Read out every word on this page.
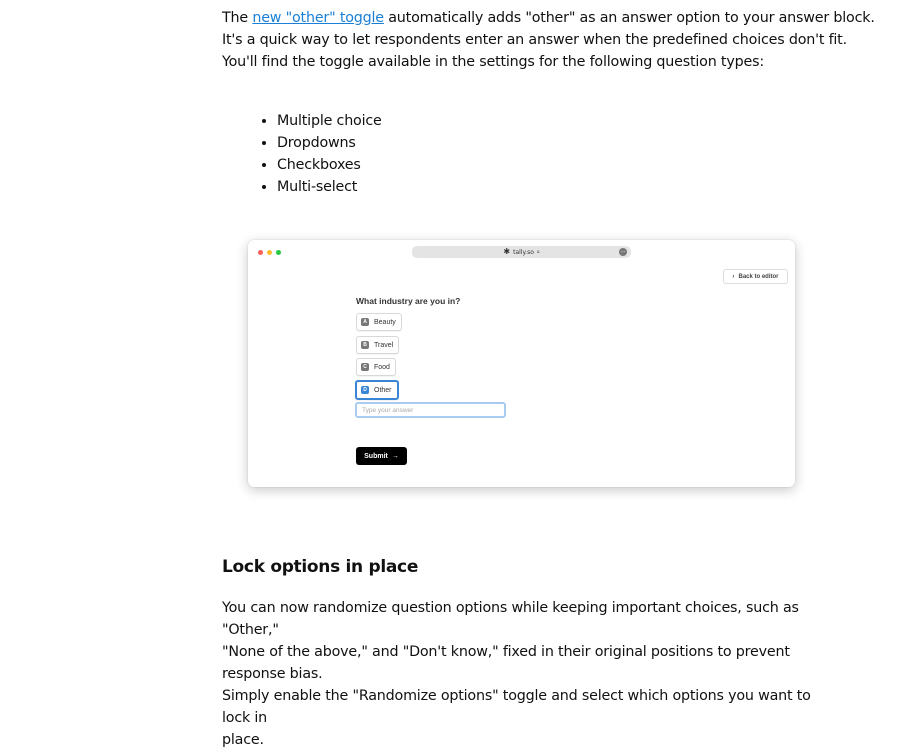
The new "other" toggle automatically adds "other" as an answer option to your answer block.

It's a quick way to let respondents enter an answer when the predefined choices don't fit.

You'll find the toggle available in the settings for the following question types:

• Multiple choice
• Dropdowns
• Checkboxes
• Multi-select
✱ tally.so 🔒︎	···
‹ Back to editor
What industry are you in?
A	Beauty
B	Travel
C	Food
D	Other
Type your answer
Submit →
Lock options in place

You can now randomize question options while keeping important choices, such as "Other,"

"None of the above," and "Don't know," fixed in their original positions to prevent response bias.

Simply enable the "Randomize options" toggle and select which options you want to lock in

place.
